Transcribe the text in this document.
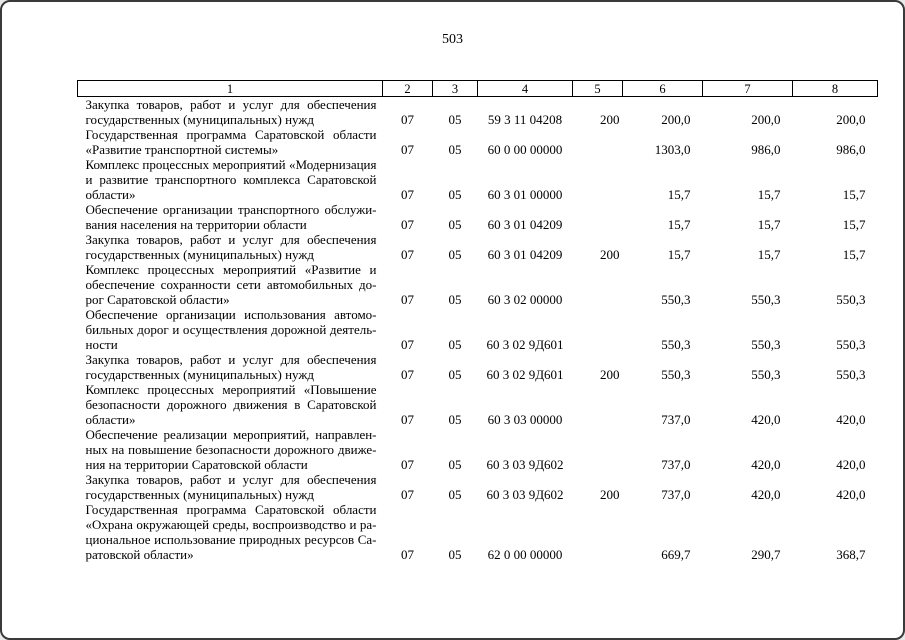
503
1	2	3	4	5	6	7	8

Закупка товаров, работ и услуг для обеспечения
государственных (муниципальных) нужд	07	05	59 3 11 04208	200	200,0	200,0	200,0

Государственная программа Саратовской области
«Развитие транспортной системы»	07	05	60 0 00 00000		1303,0	986,0	986,0

Комплекс процессных мероприятий «Модернизация
и развитие транспортного комплекса Саратовской
области»	07	05	60 3 01 00000		15,7	15,7	15,7

Обеспечение организации транспортного обслужи-
вания населения на территории области	07	05	60 3 01 04209		15,7	15,7	15,7

Закупка товаров, работ и услуг для обеспечения
государственных (муниципальных) нужд	07	05	60 3 01 04209	200	15,7	15,7	15,7

Комплекс процессных мероприятий «Развитие и
обеспечение сохранности сети автомобильных до-
рог Саратовской области»	07	05	60 3 02 00000		550,3	550,3	550,3

Обеспечение организации использования автомо-
бильных дорог и осуществления дорожной деятель-
ности	07	05	60 3 02 9Д601		550,3	550,3	550,3

Закупка товаров, работ и услуг для обеспечения
государственных (муниципальных) нужд	07	05	60 3 02 9Д601	200	550,3	550,3	550,3

Комплекс процессных мероприятий «Повышение
безопасности дорожного движения в Саратовской
области»	07	05	60 3 03 00000		737,0	420,0	420,0

Обеспечение реализации мероприятий, направлен-
ных на повышение безопасности дорожного движе-
ния на территории Саратовской области	07	05	60 3 03 9Д602		737,0	420,0	420,0

Закупка товаров, работ и услуг для обеспечения
государственных (муниципальных) нужд	07	05	60 3 03 9Д602	200	737,0	420,0	420,0

Государственная программа Саратовской области
«Охрана окружающей среды, воспроизводство и ра-
циональное использование природных ресурсов Са-
ратовской области»	07	05	62 0 00 00000		669,7	290,7	368,7
